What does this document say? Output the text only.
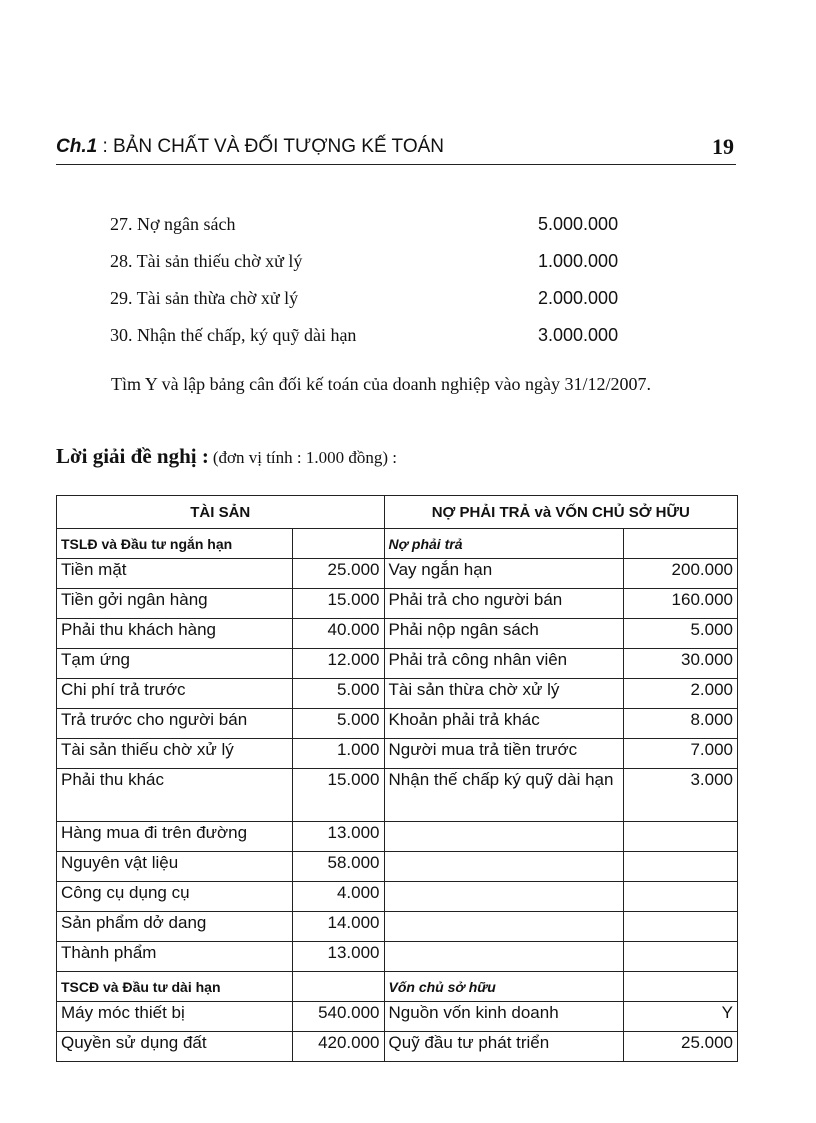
Ch.1 : BẢN CHẤT VÀ ĐỐI TƯỢNG KẾ TOÁN	19
27. Nợ ngân sách	5.000.000
28. Tài sản thiếu chờ xử lý	1.000.000
29. Tài sản thừa chờ xử lý	2.000.000
30. Nhận thế chấp, ký quỹ dài hạn	3.000.000
Tìm Y và lập bảng cân đối kế toán của doanh nghiệp vào ngày 31/12/2007.
Lời giải đề nghị : (đơn vị tính : 1.000 đồng) :
TÀI SẢN		NỢ PHẢI TRẢ và VỐN CHỦ SỞ HỮU	
TSLĐ và Đầu tư ngắn hạn		Nợ phải trả	
Tiền mặt	25.000	Vay ngắn hạn	200.000
Tiền gởi ngân hàng	15.000	Phải trả cho người bán	160.000
Phải thu khách hàng	40.000	Phải nộp ngân sách	5.000
Tạm ứng	12.000	Phải trả công nhân viên	30.000
Chi phí trả trước	5.000	Tài sản thừa chờ xử lý	2.000
Trả trước cho người bán	5.000	Khoản phải trả khác	8.000
Tài sản thiếu chờ xử lý	1.000	Người mua trả tiền trước	7.000
Phải thu khác	15.000	Nhận thế chấp ký quỹ dài hạn	3.000
Hàng mua đi trên đường	13.000		
Nguyên vật liệu	58.000		
Công cụ dụng cụ	4.000		
Sản phẩm dở dang	14.000		
Thành phẩm	13.000		
TSCĐ và Đầu tư dài hạn		Vốn chủ sở hữu	
Máy móc thiết bị	540.000	Nguồn vốn kinh doanh	Y
Quyền sử dụng đất	420.000	Quỹ đầu tư phát triển	25.000
